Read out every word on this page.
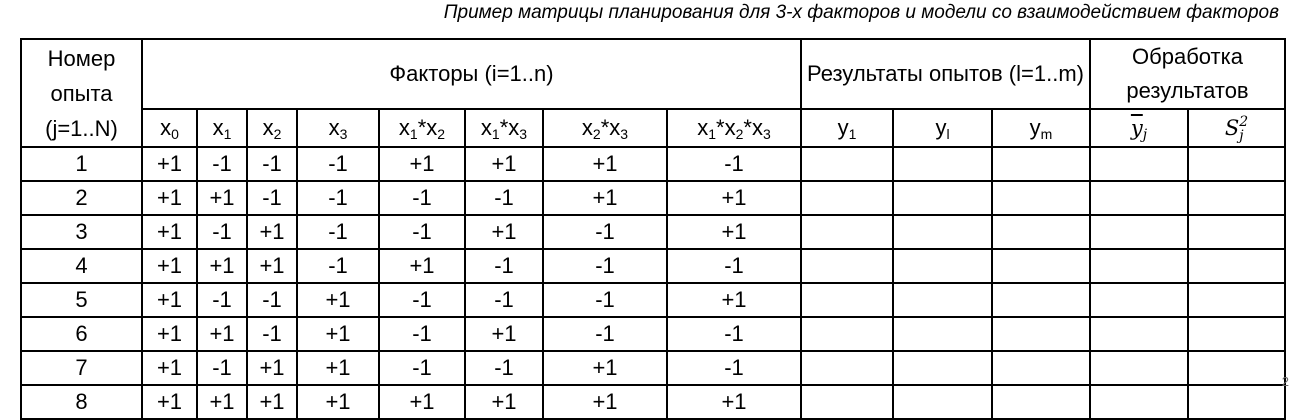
Пример матрицы планирования для 3-х факторов и модели со взаимодействием факторов
Номер опыта (j=1..N)	Факторы (i=1..n)								Результаты опытов (l=1..m)			Обработка результатов	
	$x_0$	$x_1$	$x_2$	$x_3$	$x_1*x_2$	$x_1*x_3$	$x_2*x_3$	$x_1*x_2*x_3$	$y_1$	$y_l$	$y_m$	$\overline{y}_j$	S 2
j

1	+1	-1	-1	-1	+1	+1	+1	-1					
2	+1	+1	-1	-1	-1	-1	+1	+1					
3	+1	-1	+1	-1	-1	+1	-1	+1					
4	+1	+1	+1	-1	+1	-1	-1	-1					
5	+1	-1	-1	+1	-1	-1	-1	+1					
6	+1	+1	-1	+1	-1	+1	-1	-1					
7	+1	-1	+1	+1	-1	-1	+1	-1					
8	+1	+1	+1	+1	+1	+1	+1	+1					
2
